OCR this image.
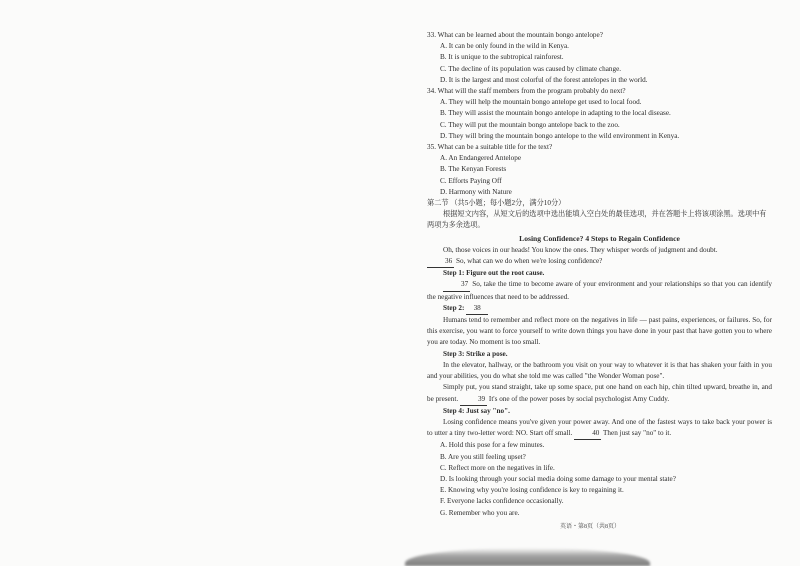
33. What can be learned about the mountain bongo antelope?
A. It can be only found in the wild in Kenya.
B. It is unique to the subtropical rainforest.
C. The decline of its population was caused by climate change.
D. It is the largest and most colorful of the forest antelopes in the world.
34. What will the staff members from the program probably do next?
A. They will help the mountain bongo antelope get used to local food.
B. They will assist the mountain bongo antelope in adapting to the local disease.
C. They will put the mountain bongo antelope back to the zoo.
D. They will bring the mountain bongo antelope to the wild environment in Kenya.
35. What can be a suitable title for the text?
A. An Endangered Antelope
B. The Kenyan Forests
C. Efforts Paying Off
D. Harmony with Nature
第二节 （共5小题；每小题2分，满分10分）
根据短文内容，从短文后的选项中选出能填入空白处的最佳选项，并在答题卡上将该项涂黑。选项中有两项为多余选项。
Losing Confidence? 4 Steps to Regain Confidence
Oh, those voices in our heads! You know the ones. They whisper words of judgment and doubt.
36 So, what can we do when we're losing confidence?
Step 1: Figure out the root cause.
37 So, take the time to become aware of your environment and your relationships so that you can identify the negative influences that need to be addressed.
Step 2: 38
Humans tend to remember and reflect more on the negatives in life — past pains, experiences, or failures. So, for this exercise, you want to force yourself to write down things you have done in your past that have gotten you to where you are today. No moment is too small.
Step 3: Strike a pose.
In the elevator, hallway, or the bathroom you visit on your way to whatever it is that has shaken your faith in you and your abilities, you do what she told me was called "the Wonder Woman pose".
Simply put, you stand straight, take up some space, put one hand on each hip, chin tilted upward, breathe in, and be present.	39 It's one of the power poses by social psychologist Amy Cuddy.
Step 4: Just say "no".
Losing confidence means you've given your power away. And one of the fastest ways to take back your power is to utter a tiny two-letter word: NO. Start off small.	40 Then just say "no" to it.
A. Hold this pose for a few minutes.
B. Are you still feeling upset?
C. Reflect more on the negatives in life.
D. Is looking through your social media doing some damage to your mental state?
E. Knowing why you're losing confidence is key to regaining it.
F. Everyone lacks confidence occasionally.
G. Remember who you are.
英语・第8页（共8页）
